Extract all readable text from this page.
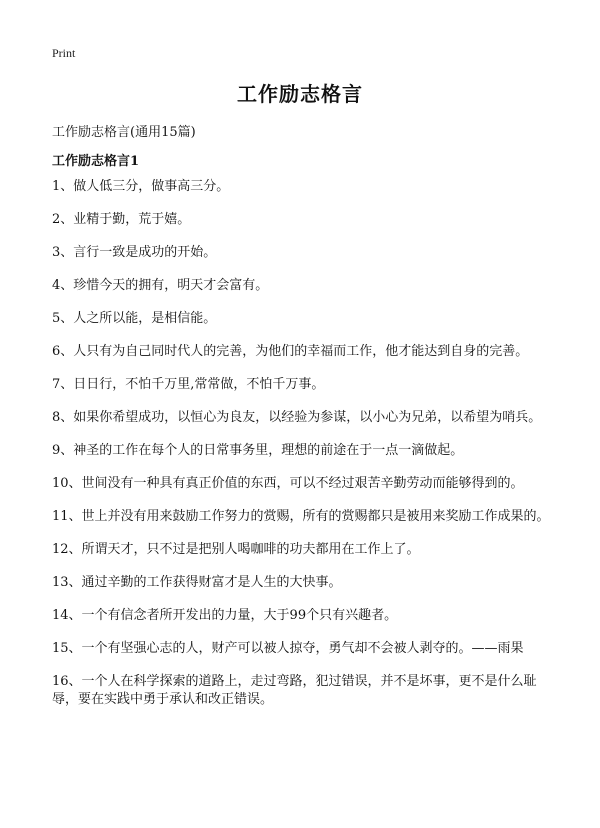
Print
工作励志格言
工作励志格言(通用15篇)
工作励志格言1
1、做人低三分，做事高三分。
2、业精于勤，荒于嬉。
3、言行一致是成功的开始。
4、珍惜今天的拥有，明天才会富有。
5、人之所以能，是相信能。
6、人只有为自己同时代人的完善，为他们的幸福而工作，他才能达到自身的完善。
7、日日行，不怕千万里,常常做，不怕千万事。
8、如果你希望成功，以恒心为良友，以经验为参谋，以小心为兄弟，以希望为哨兵。
9、神圣的工作在每个人的日常事务里，理想的前途在于一点一滴做起。
10、世间没有一种具有真正价值的东西，可以不经过艰苦辛勤劳动而能够得到的。
11、世上并没有用来鼓励工作努力的赏赐，所有的赏赐都只是被用来奖励工作成果的。
12、所谓天才，只不过是把别人喝咖啡的功夫都用在工作上了。
13、通过辛勤的工作获得财富才是人生的大快事。
14、一个有信念者所开发出的力量，大于99个只有兴趣者。
15、一个有坚强心志的人，财产可以被人掠夺，勇气却不会被人剥夺的。——雨果
16、一个人在科学探索的道路上，走过弯路，犯过错误，并不是坏事，更不是什么耻辱，要在实践中勇于承认和改正错误。
